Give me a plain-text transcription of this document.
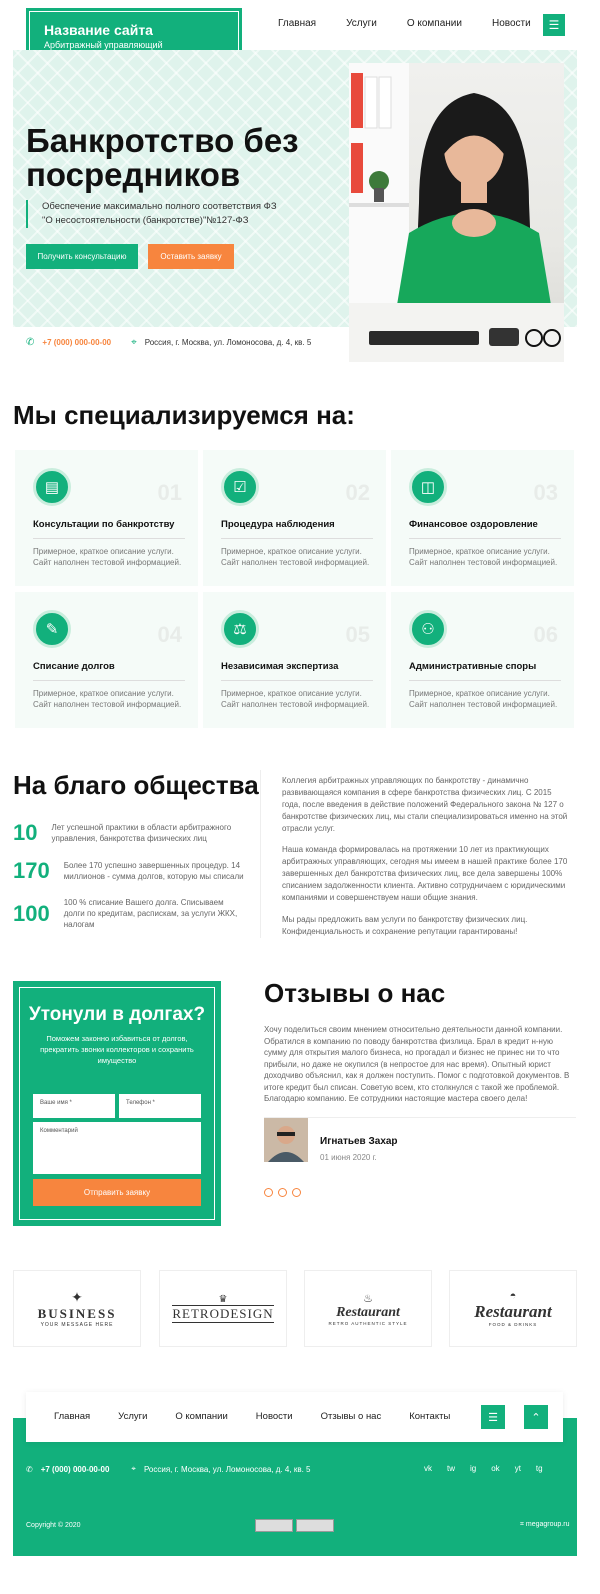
Название сайта
Арбитражный управляющий
Главная	Услуги	О компании	Новости ☰
Банкротство без посредников
Обеспечение максимально полного соответствия ФЗ "О несостоятельности (банкротстве)"№127-ФЗ
Получить консультацию	Оставить заявку
✆ +7 (000) 000-00-00 ⌖ Россия, г. Москва, ул. Ломоносова, д. 4, кв. 5
Мы специализируемся на:
▤	01
Консультации по банкротству
Примерное, краткое описание услуги. Сайт наполнен тестовой информацией.
☑	02
Процедура наблюдения
Примерное, краткое описание услуги. Сайт наполнен тестовой информацией.
◫	03
Финансовое оздоровление
Примерное, краткое описание услуги. Сайт наполнен тестовой информацией.
✎	04
Списание долгов
Примерное, краткое описание услуги. Сайт наполнен тестовой информацией.
⚖	05
Независимая экспертиза
Примерное, краткое описание услуги. Сайт наполнен тестовой информацией.
⚇	06
Административные споры
Примерное, краткое описание услуги. Сайт наполнен тестовой информацией.
На благо общества
10 Лет успешной практики в области арбитражного управления, банкротства физических лиц
170 Более 170 успешно завершенных процедур. 14 миллионов - сумма долгов, которую мы списали
100 100 % списание Вашего долга. Списываем долги по кредитам, распискам, за услуги ЖКХ, налогам
Коллегия арбитражных управляющих по банкротству - динамично развивающаяся компания в сфере банкротства физических лиц. С 2015 года, после введения в действие положений Федерального закона № 127 о банкротстве физических лиц, мы стали специализироваться именно на этой отрасли услуг.
Наша команда формировалась на протяжении 10 лет из практикующих арбитражных управляющих, сегодня мы имеем в нашей практике более 170 завершенных дел банкротства физических лиц, все дела завершены 100% списанием задолженности клиента. Активно сотрудничаем с юридическими компаниями и совершенствуем наши общие знания.
Мы рады предложить вам услуги по банкротству физических лиц. Конфиденциальность и сохранение репутации гарантированы!
Утонули в долгах?
Поможем законно избавиться от долгов, прекратить звонки коллекторов и сохранить имущество
Ваше имя *	Телефон *
Комментарий
Отправить заявку
Отзывы о нас
Хочу поделиться своим мнением относительно деятельности данной компании. Обратился в компанию по поводу банкротства физлица. Брал в кредит н-ную сумму для открытия малого бизнеса, но прогадал и бизнес не принес ни то что прибыли, но даже не окупился (в непростое для нас время). Опытный юрист доходчиво объяснил, как я должен поступить. Помог с подготовкой документов. В итоге кредит был списан. Советую всем, кто столкнулся с такой же проблемой. Благодарю компанию. Ее сотрудники настоящие мастера своего дела!
Игнатьев Захар
01 июня 2020 г.
✦
BUSINESS
YOUR MESSAGE HERE
♛
RETRODESIGN
♨
Restaurant
RETRO AUTHENTIC STYLE
◓
Restaurant
FOOD & DRINKS
Главная	Услуги	О компании	Новости	Отзывы о нас	Контакты	☰	⌃
✆ +7 (000) 000-00-00	⌖ Россия, г. Москва, ул. Ломоносова, д. 4, кв. 5	vk tw ig ok yt tg
Copyright © 2020	⌗ megagroup.ru
